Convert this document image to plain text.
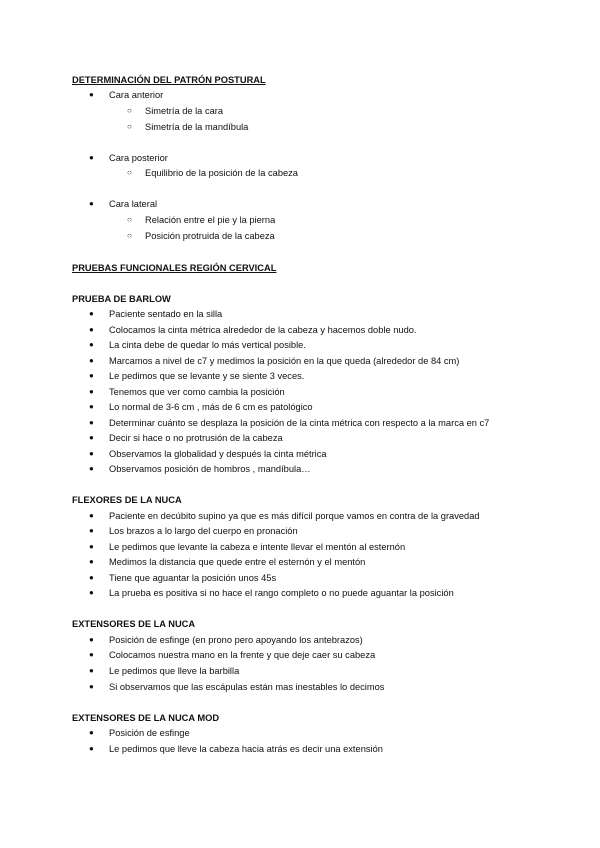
DETERMINACIÓN DEL PATRÓN POSTURAL
● Cara anterior
○ Simetría de la cara
○ Simetría de la mandíbula
● Cara posterior
○ Equilibrio de la posición de la cabeza
● Cara lateral
○ Relación entre el pie y la pierna
○ Posición protruida de la cabeza
PRUEBAS FUNCIONALES REGIÓN CERVICAL
PRUEBA DE BARLOW
● Paciente sentado en la silla
● Colocamos la cinta métrica alrededor de la cabeza y hacemos doble nudo.
● La cinta debe de quedar lo más vertical posible.
● Marcamos a nivel de c7 y medimos la posición en la que queda (alrededor de 84 cm)
● Le pedimos que se levante y se siente 3 veces.
● Tenemos que ver como cambia la posición
● Lo normal de 3-6 cm , más de 6 cm es patológico
● Determinar cuánto se desplaza la posición de la cinta métrica con respecto a la marca en c7
● Decir si hace o no protrusión de la cabeza
● Observamos la globalidad y después la cinta métrica
● Observamos posición de hombros , mandíbula…
FLEXORES DE LA NUCA
● Paciente en decúbito supino ya que es más difícil porque vamos en contra de la gravedad
● Los brazos a lo largo del cuerpo en pronación
● Le pedimos que levante la cabeza e intente llevar el mentón al esternón
● Medimos la distancia que quede entre el esternón y el mentón
● Tiene que aguantar la posición unos 45s
● La prueba es positiva si no hace el rango completo o no puede aguantar la posición
EXTENSORES DE LA NUCA
● Posición de esfinge (en prono pero apoyando los antebrazos)
● Colocamos nuestra mano en la frente y que deje caer su cabeza
● Le pedimos que lleve la barbilla
● Si observamos que las escápulas están mas inestables lo decimos
EXTENSORES DE LA NUCA MOD
● Posición de esfinge
● Le pedimos que lleve la cabeza hacia atrás es decir una extensión
